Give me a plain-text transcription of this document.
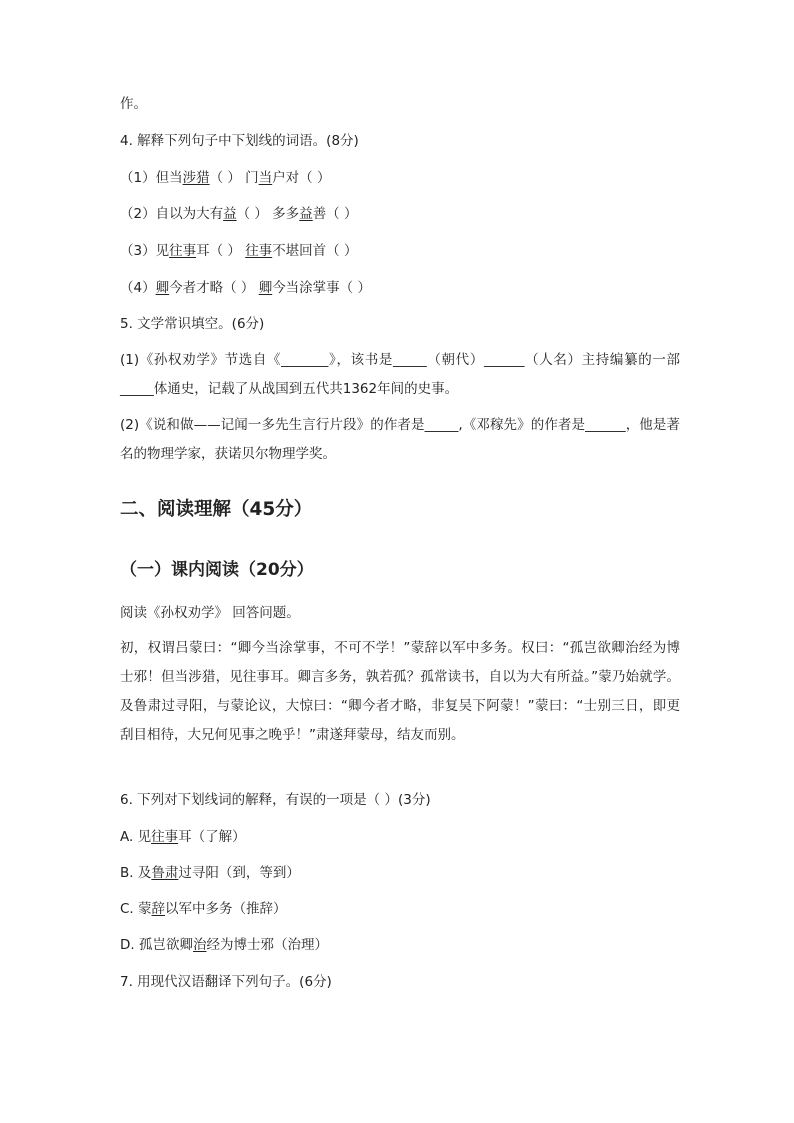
作。
4. 解释下列句子中下划线的词语。(8分)
（1）但当涉猎（ ） 门当户对（ ）
（2）自以为大有益（ ） 多多益善（ ）
（3）见往事耳（ ） 往事不堪回首（ ）
（4）卿今者才略（ ） 卿今当涂掌事（ ）
5. 文学常识填空。(6分)
(1)《孙权劝学》节选自《_______》，该书是_____（朝代）______（人名）主持编纂的一部_____体通史，记载了从战国到五代共1362年间的史事。
(2)《说和做——记闻一多先生言行片段》的作者是_____,《邓稼先》的作者是______，他是著名的物理学家，获诺贝尔物理学奖。
二、阅读理解（45分）
（一）课内阅读（20分）
阅读《孙权劝学》 回答问题。
初，权谓吕蒙曰：“卿今当涂掌事，不可不学！”蒙辞以军中多务。权曰：“孤岂欲卿治经为博士邪！但当涉猎，见往事耳。卿言多务，孰若孤？孤常读书，自以为大有所益。”蒙乃始就学。及鲁肃过寻阳，与蒙论议，大惊曰：“卿今者才略，非复吴下阿蒙！”蒙曰：“士别三日，即更刮目相待，大兄何见事之晚乎！”肃遂拜蒙母，结友而别。
6. 下列对下划线词的解释，有误的一项是（ ）(3分)
A. 见往事耳（了解）
B. 及鲁肃过寻阳（到，等到）
C. 蒙辞以军中多务（推辞）
D. 孤岂欲卿治经为博士邪（治理）
7. 用现代汉语翻译下列句子。(6分)
